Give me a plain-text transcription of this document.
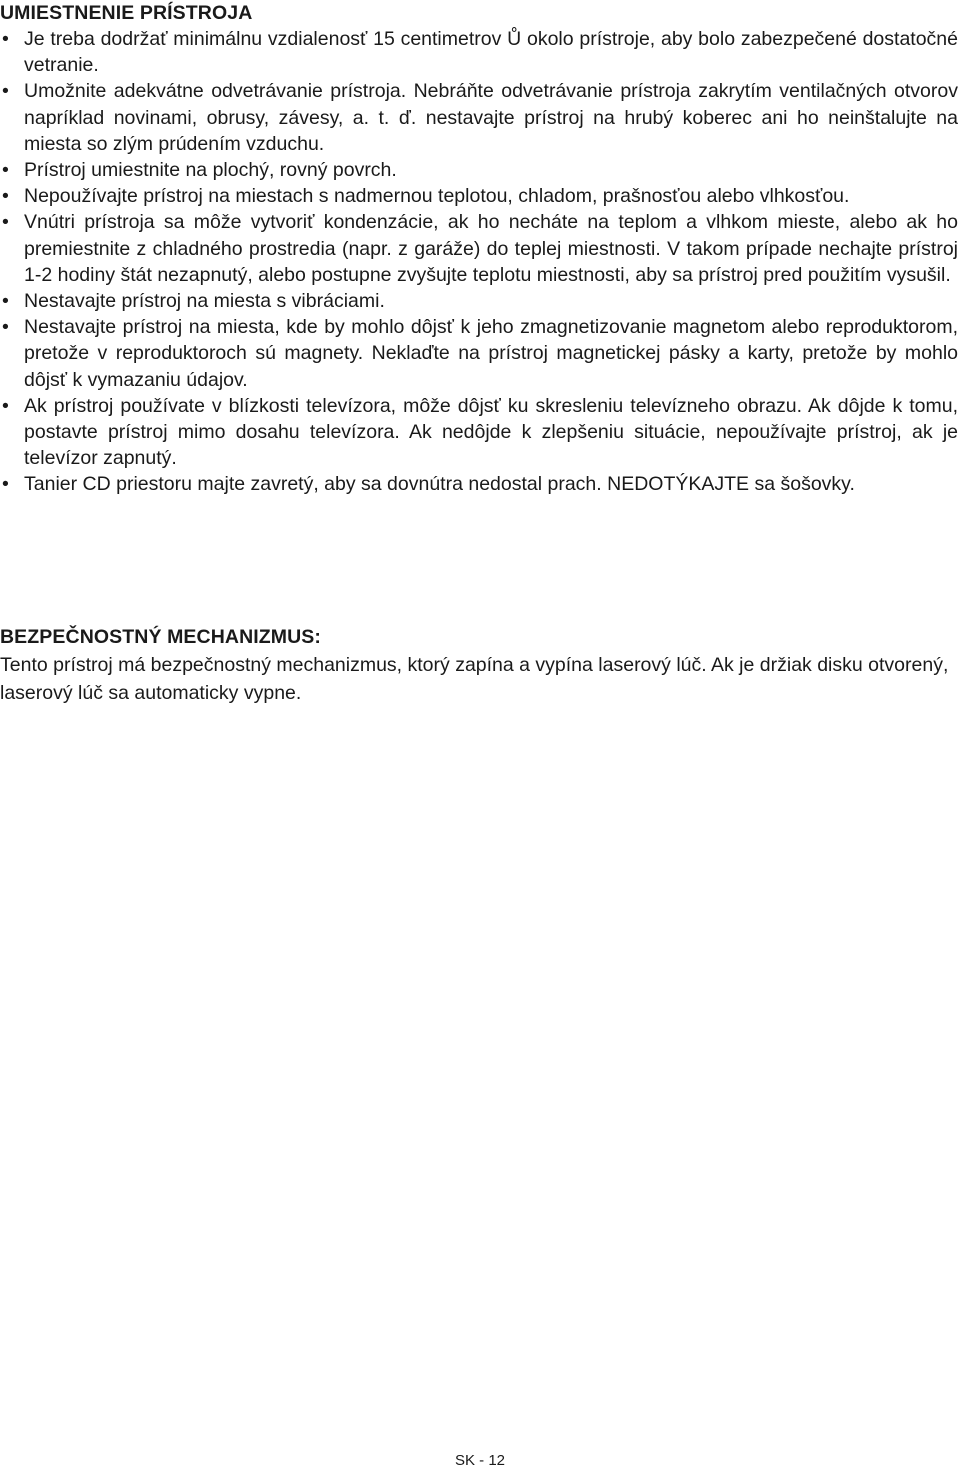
UMIESTNENIE PRÍSTROJA
• Je treba dodržať minimálnu vzdialenosť 15 centimetrov Ů okolo prístroje, aby bolo zabezpečené dostatočné vetranie.
• Umožnite adekvátne odvetrávanie prístroja. Nebráňte odvetrávanie prístroja zakrytím ventilačných otvorov napríklad novinami, obrusy, závesy, a. t. ď. nestavajte prístroj na hrubý koberec ani ho neinštalujte na miesta so zlým prúdením vzduchu.
• Prístroj umiestnite na plochý, rovný povrch.
• Nepoužívajte prístroj na miestach s nadmernou teplotou, chladom, prašnosťou alebo vlhkosťou.
• Vnútri prístroja sa môže vytvoriť kondenzácie, ak ho necháte na teplom a vlhkom mieste, alebo ak ho premiestnite z chladného prostredia (napr. z garáže) do teplej miestnosti. V takom prípade nechajte prístroj 1-2 hodiny štát nezapnutý, alebo postupne zvyšujte teplotu miestnosti, aby sa prístroj pred použitím vysušil.
• Nestavajte prístroj na miesta s vibráciami.
• Nestavajte prístroj na miesta, kde by mohlo dôjsť k jeho zmagnetizovanie magnetom alebo reproduktorom, pretože v reproduktoroch sú magnety. Neklaďte na prístroj magnetickej pásky a karty, pretože by mohlo dôjsť k vymazaniu údajov.
• Ak prístroj používate v blízkosti televízora, môže dôjsť ku skresleniu televízneho obrazu. Ak dôjde k tomu, postavte prístroj mimo dosahu televízora. Ak nedôjde k zlepšeniu situácie, nepoužívajte prístroj, ak je televízor zapnutý.
• Tanier CD priestoru majte zavretý, aby sa dovnútra nedostal prach. NEDOTÝKAJTE sa šošovky.
BEZPEČNOSTNÝ MECHANIZMUS:

Tento prístroj má bezpečnostný mechanizmus, ktorý zapína a vypína laserový lúč. Ak je držiak disku otvorený, laserový lúč sa automaticky vypne.

SK - 12
